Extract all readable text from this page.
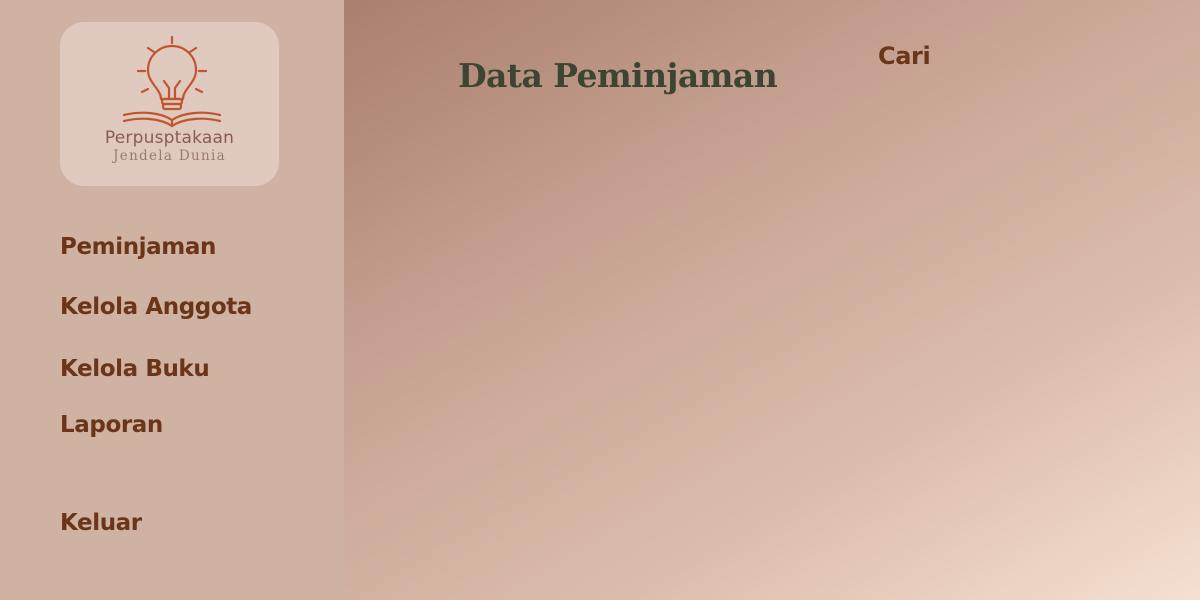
Perpusptakaan
Jendela Dunia
Peminjaman
Kelola Anggota
Kelola Buku
Laporan
Keluar
Data Peminjaman
Cari
